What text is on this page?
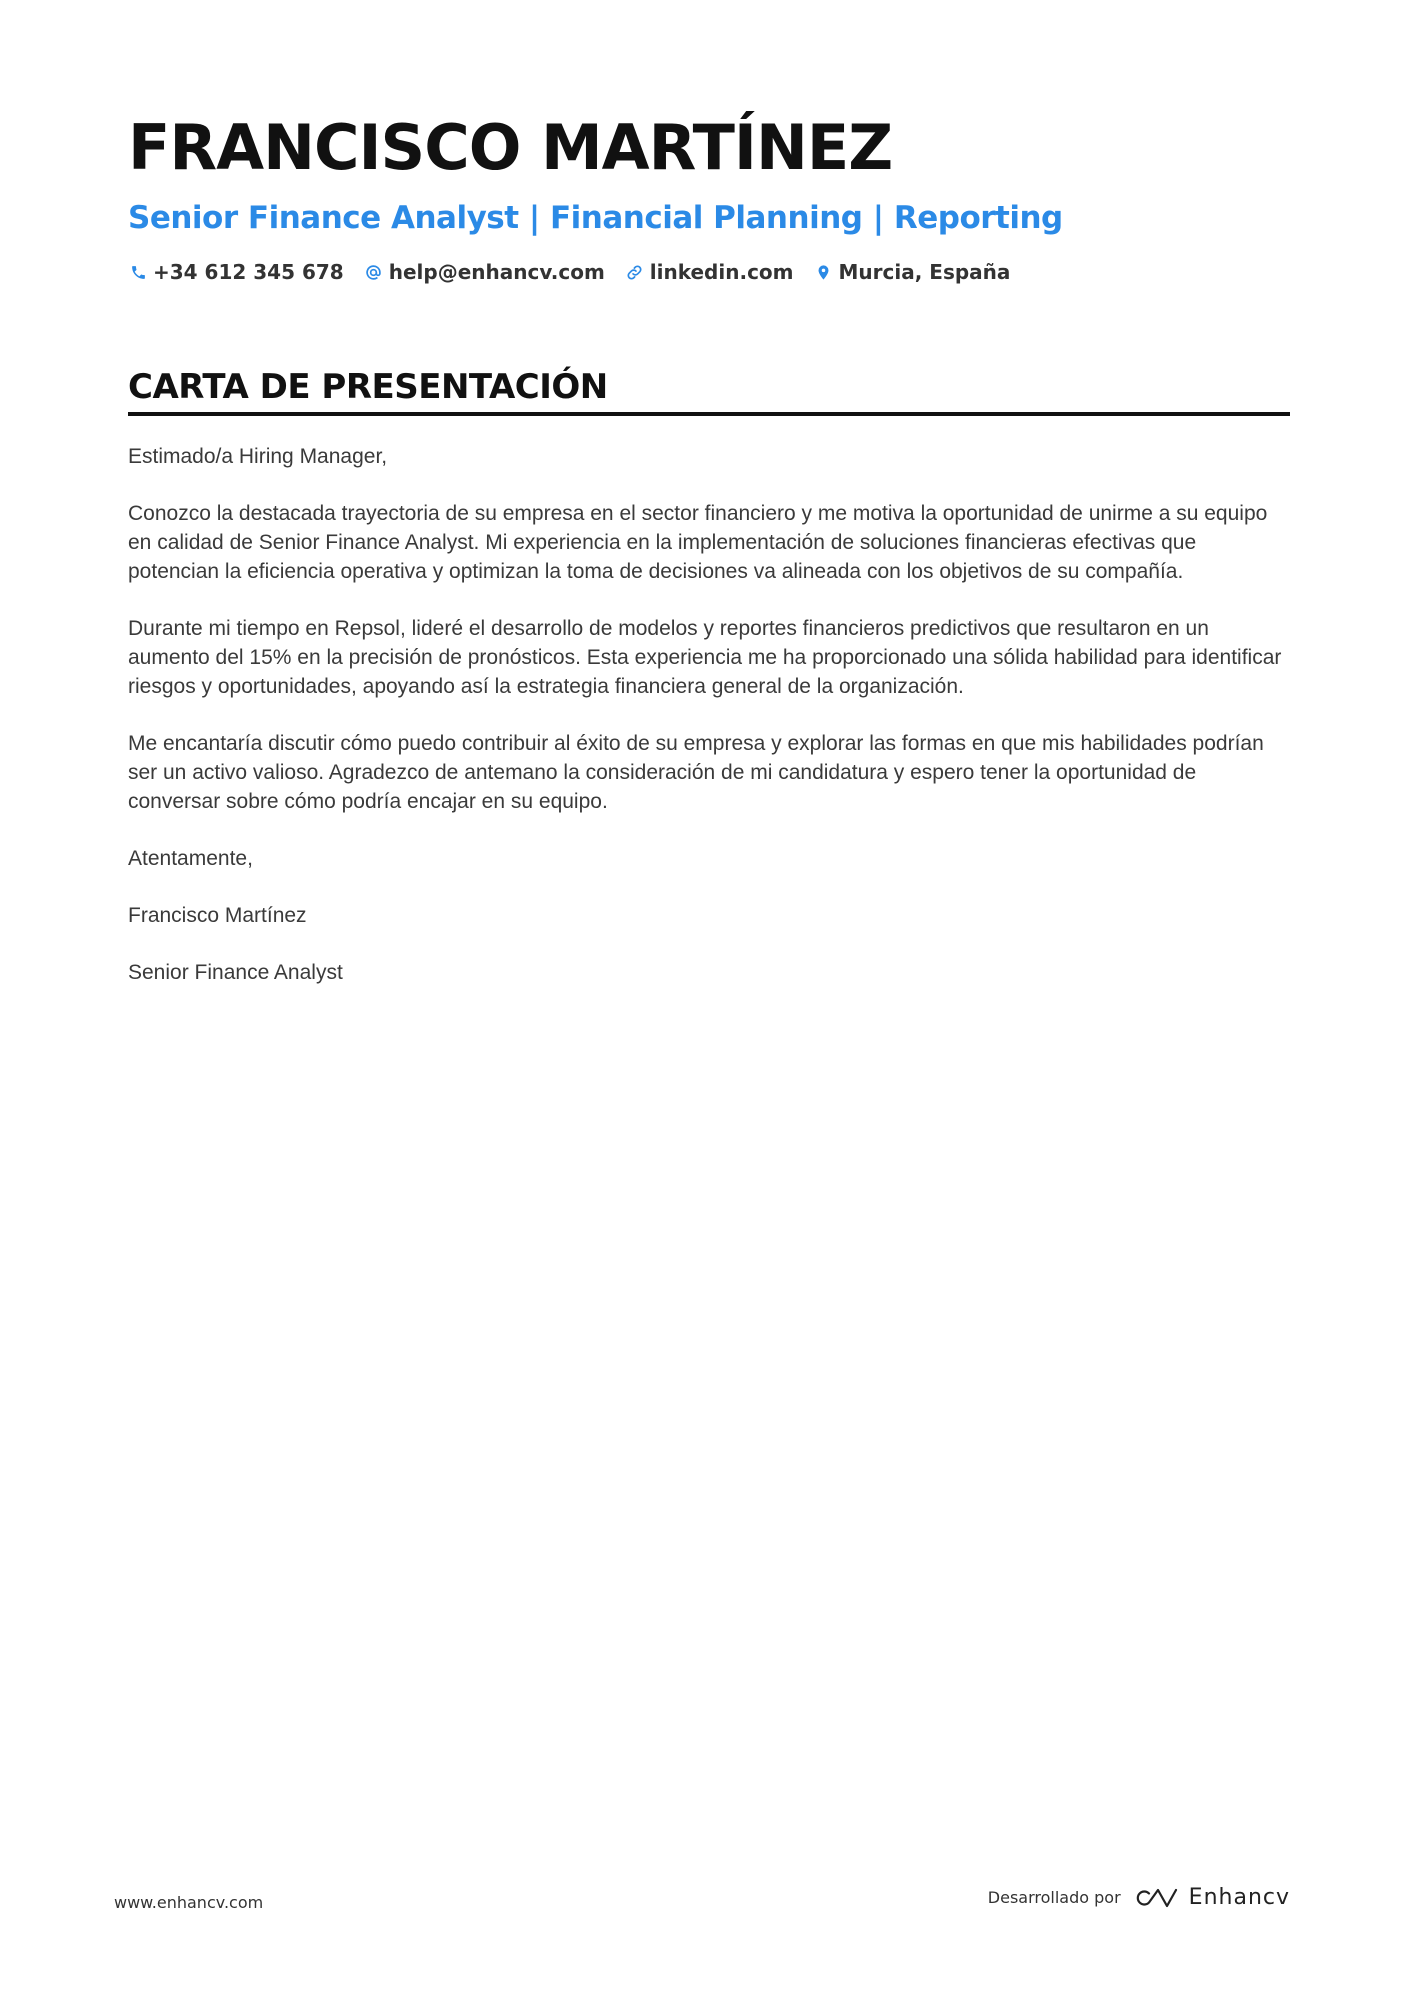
FRANCISCO MARTÍNEZ
Senior Finance Analyst | Financial Planning | Reporting
+34 612 345 678 help@enhancv.com linkedin.com Murcia, España
CARTA DE PRESENTACIÓN

Estimado/a Hiring Manager,

Conozco la destacada trayectoria de su empresa en el sector financiero y me motiva la oportunidad de unirme a su equipo en calidad de Senior Finance Analyst. Mi experiencia en la implementación de soluciones financieras efectivas que potencian la eficiencia operativa y optimizan la toma de decisiones va alineada con los objetivos de su compañía.

Durante mi tiempo en Repsol, lideré el desarrollo de modelos y reportes financieros predictivos que resultaron en un aumento del 15% en la precisión de pronósticos. Esta experiencia me ha proporcionado una sólida habilidad para identificar riesgos y oportunidades, apoyando así la estrategia financiera general de la organización.

Me encantaría discutir cómo puedo contribuir al éxito de su empresa y explorar las formas en que mis habilidades podrían ser un activo valioso. Agradezco de antemano la consideración de mi candidatura y espero tener la oportunidad de conversar sobre cómo podría encajar en su equipo.

Atentamente,

Francisco Martínez

Senior Finance Analyst

www.enhancv.com	Desarrollado por	Enhancv
